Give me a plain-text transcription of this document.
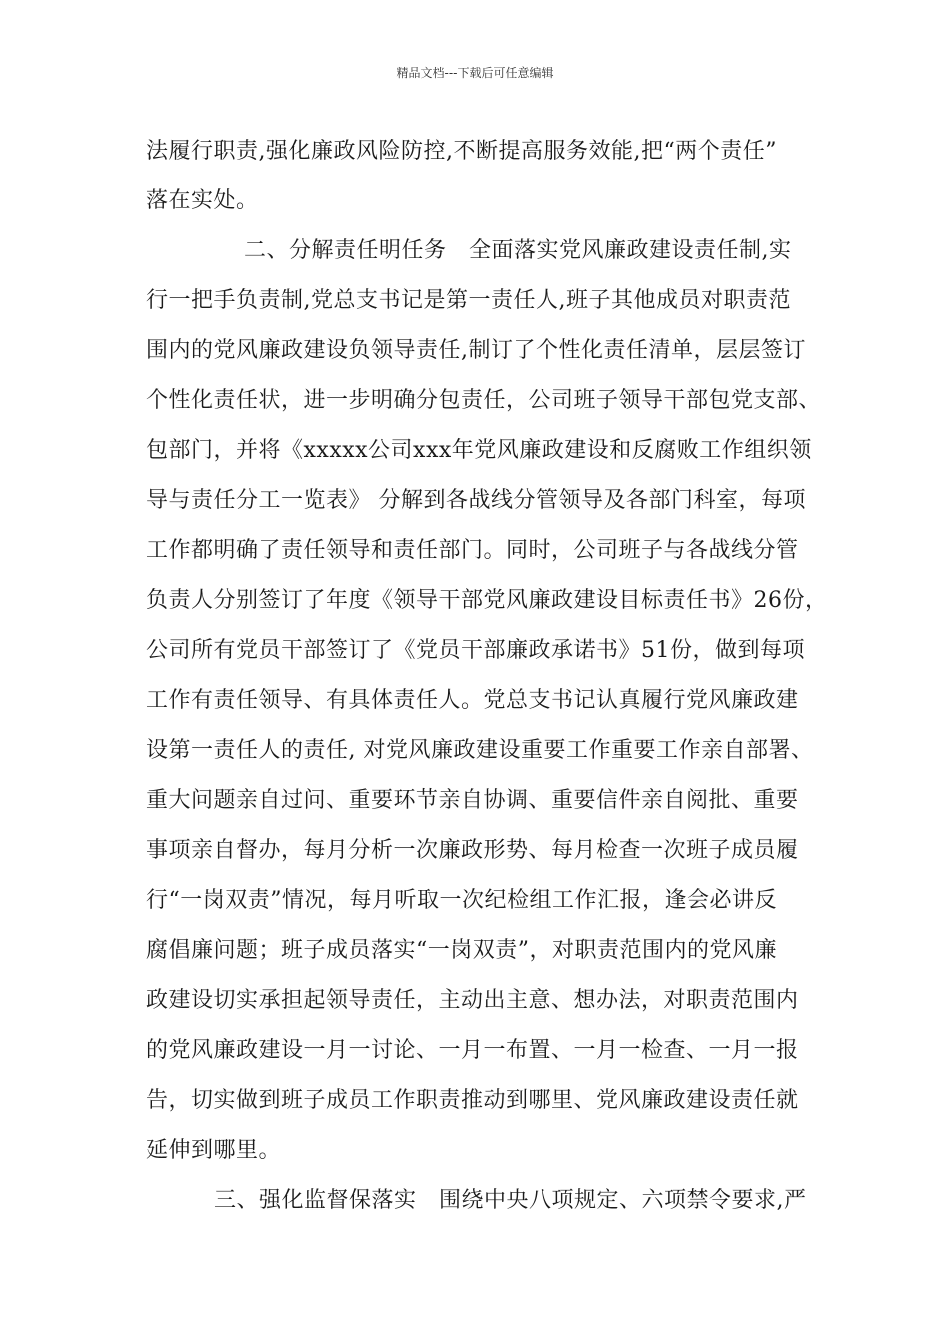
精品文档---下载后可任意编辑
法履行职责,强化廉政风险防控,不断提高服务效能,把“两个责任”
落在实处。
二、分解责任明任务　全面落实党风廉政建设责任制,实
行一把手负责制,党总支书记是第一责任人,班子其他成员对职责范
围内的党风廉政建设负领导责任,制订了个性化责任清单，层层签订
个性化责任状，进一步明确分包责任，公司班子领导干部包党支部、
包部门，并将《xxxxx公司xxx年党风廉政建设和反腐败工作组织领
导与责任分工一览表》 分解到各战线分管领导及各部门科室，每项
工作都明确了责任领导和责任部门。同时，公司班子与各战线分管
负责人分别签订了年度《领导干部党风廉政建设目标责任书》26份，
公司所有党员干部签订了《党员干部廉政承诺书》51份，做到每项
工作有责任领导、有具体责任人。党总支书记认真履行党风廉政建
设第一责任人的责任, 对党风廉政建设重要工作重要工作亲自部署、
重大问题亲自过问、重要环节亲自协调、重要信件亲自阅批、重要
事项亲自督办，每月分析一次廉政形势、每月检查一次班子成员履
行“一岗双责”情况，每月听取一次纪检组工作汇报，逢会必讲反
腐倡廉问题；班子成员落实“一岗双责”，对职责范围内的党风廉
政建设切实承担起领导责任，主动出主意、想办法，对职责范围内
的党风廉政建设一月一讨论、一月一布置、一月一检查、一月一报
告，切实做到班子成员工作职责推动到哪里、党风廉政建设责任就
延伸到哪里。
三、强化监督保落实　围绕中央八项规定、六项禁令要求,严
